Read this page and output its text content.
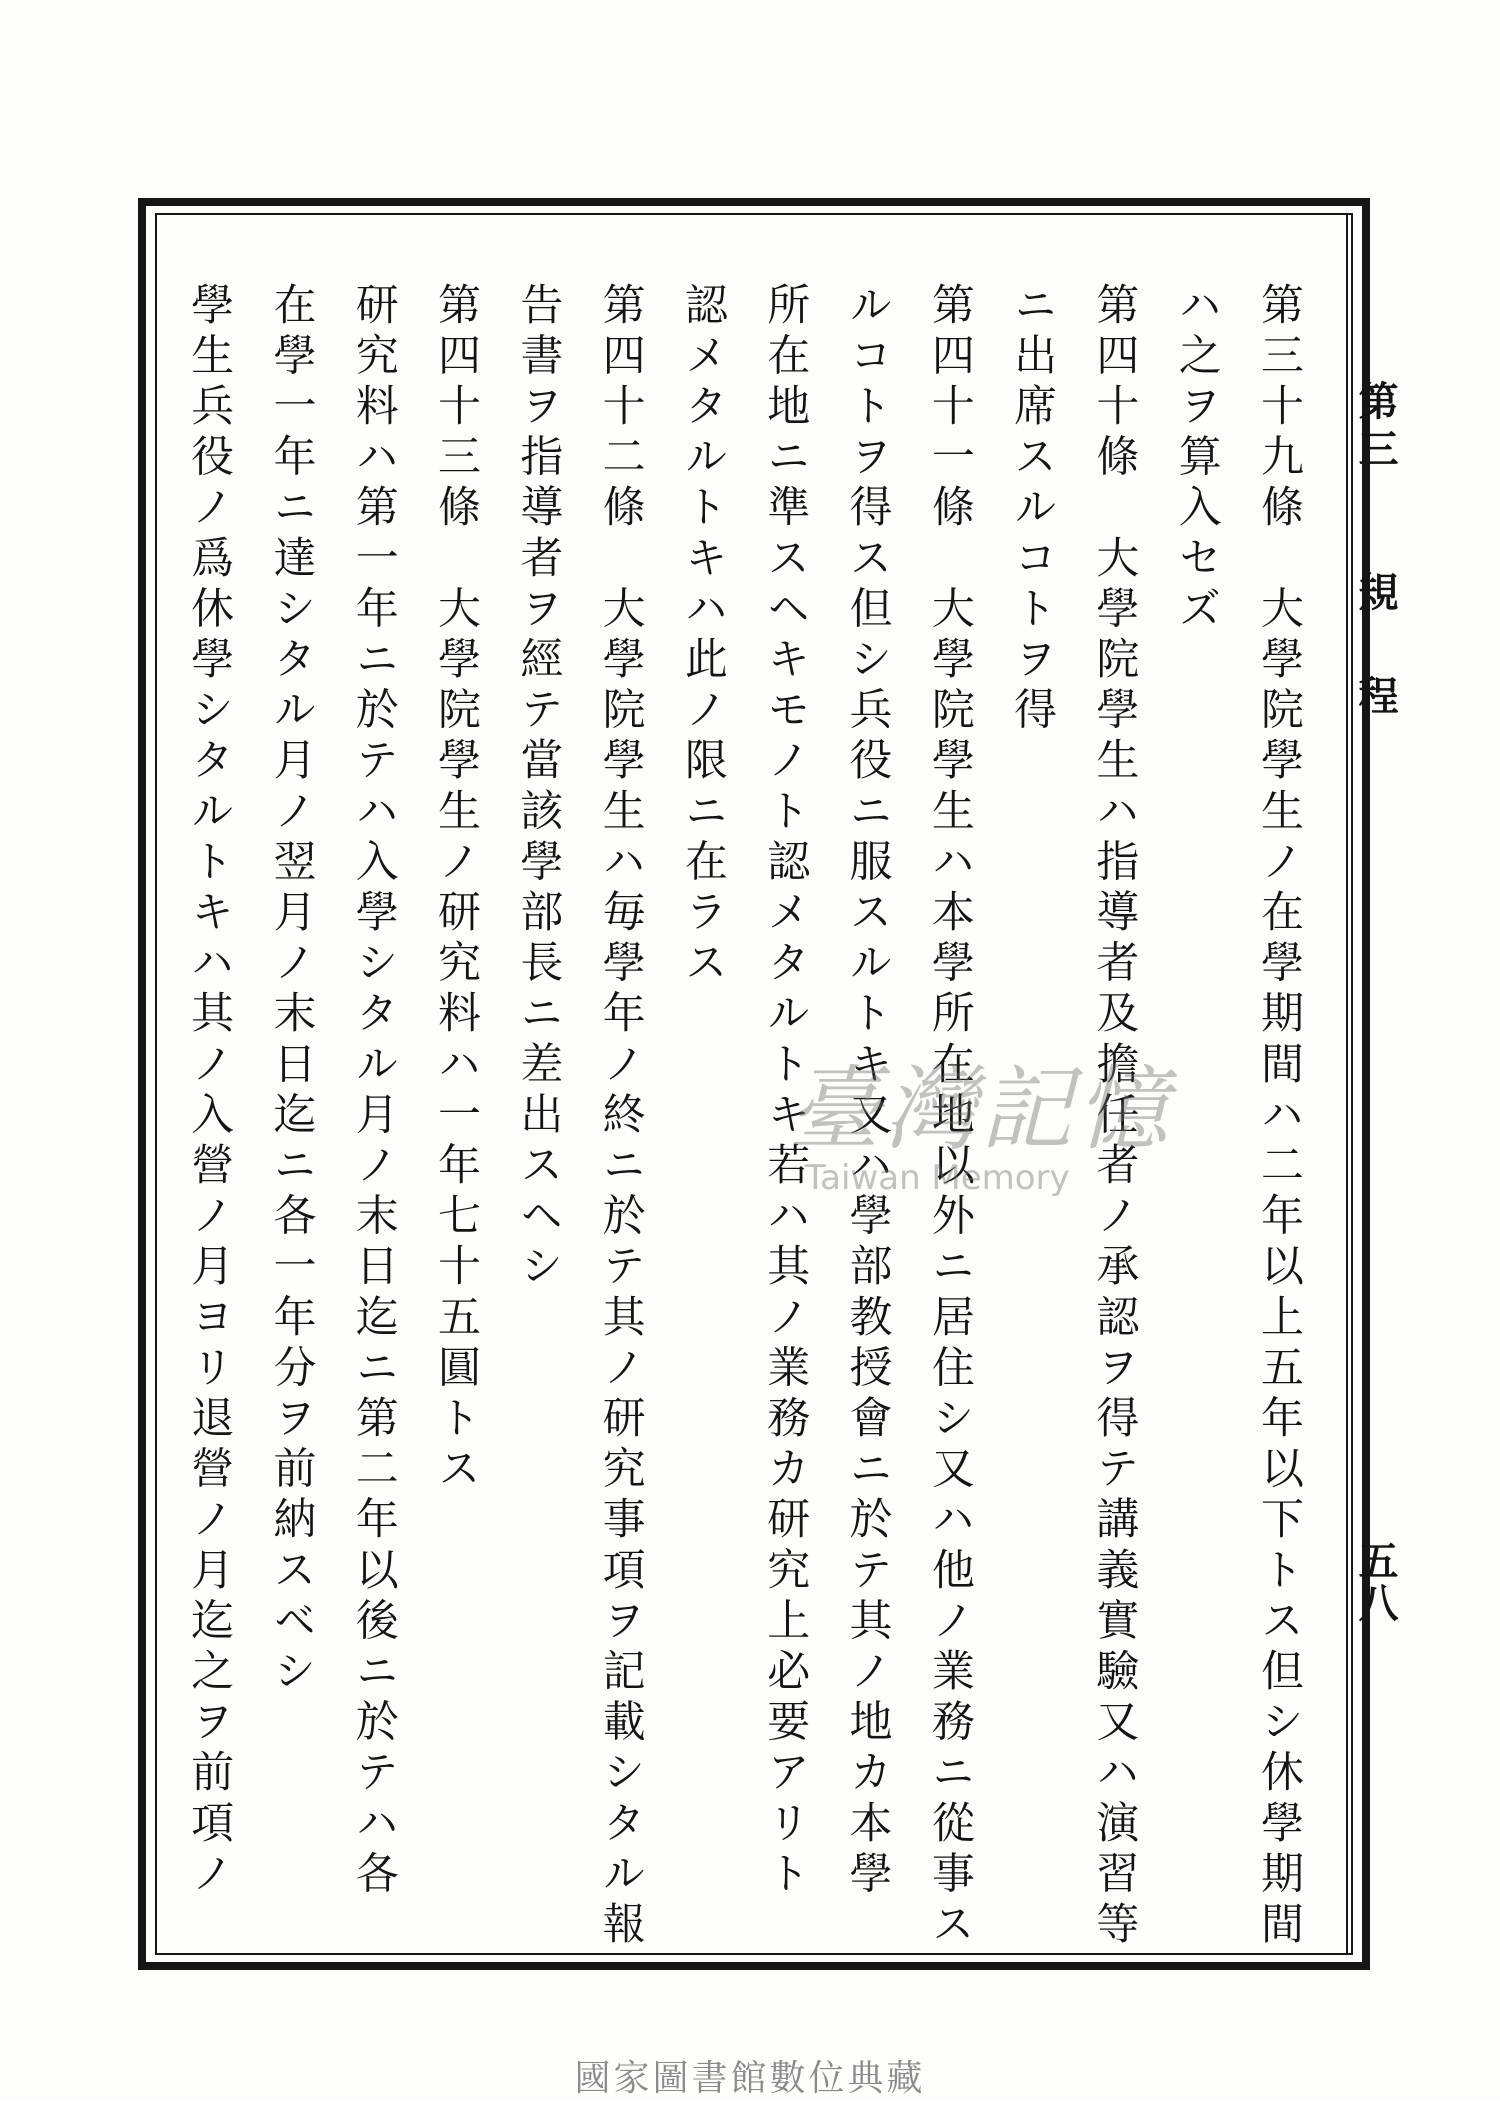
第三 規程
五八
第三十九條　大學院學生ノ在學期間ハ二年以上五年以下トス但シ休學期間
ハ之ヲ算入セズ
第四十條　大學院學生ハ指導者及擔任者ノ承認ヲ得テ講義實驗又ハ演習等
ニ出席スルコトヲ得
第四十一條　大學院學生ハ本學所在地以外ニ居住シ又ハ他ノ業務ニ從事ス
ルコトヲ得ス但シ兵役ニ服スルトキ又ハ學部教授會ニ於テ其ノ地カ本學
所在地ニ準スヘキモノト認メタルトキ若ハ其ノ業務カ研究上必要アリト
認メタルトキハ此ノ限ニ在ラス
第四十二條　大學院學生ハ毎學年ノ終ニ於テ其ノ研究事項ヲ記載シタル報
告書ヲ指導者ヲ經テ當該學部長ニ差出スヘシ
第四十三條　大學院學生ノ研究料ハ一年七十五圓トス
研究料ハ第一年ニ於テハ入學シタル月ノ末日迄ニ第二年以後ニ於テハ各
在學一年ニ達シタル月ノ翌月ノ末日迄ニ各一年分ヲ前納スベシ
學生兵役ノ爲休學シタルトキハ其ノ入營ノ月ヨリ退營ノ月迄之ヲ前項ノ	臺灣記憶
Taiwan Memory
國家圖書館數位典藏
